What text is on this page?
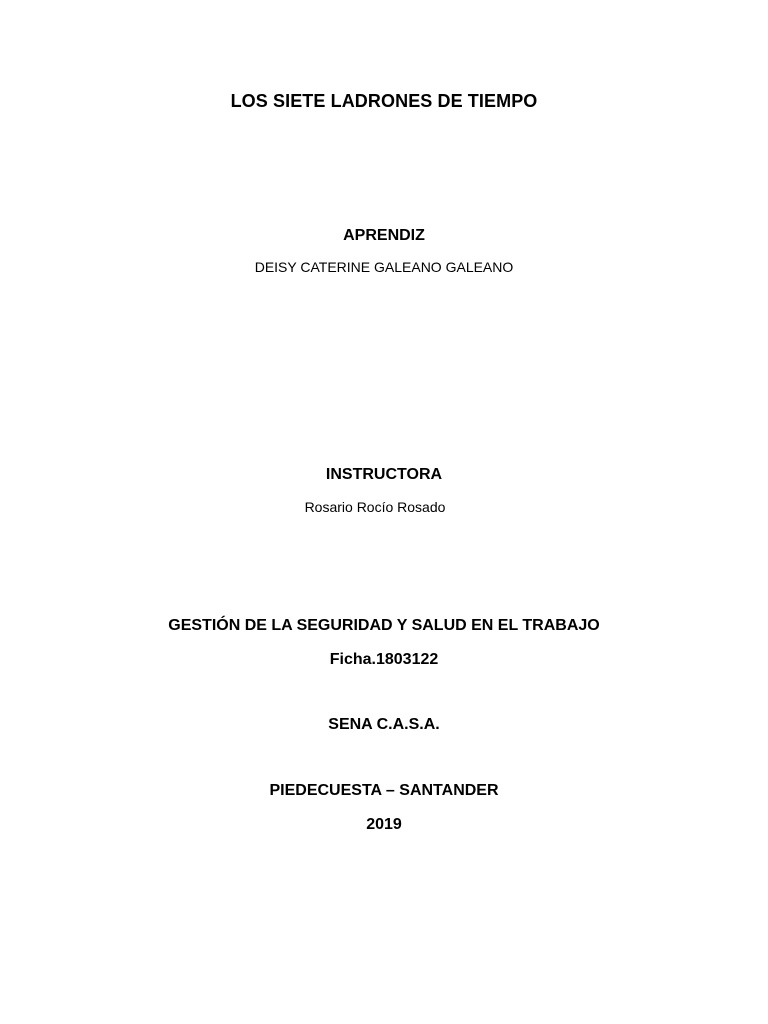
LOS SIETE LADRONES DE TIEMPO
APRENDIZ
DEISY CATERINE GALEANO GALEANO
INSTRUCTORA
Rosario Rocío Rosado
GESTIÓN DE LA SEGURIDAD Y SALUD EN EL TRABAJO
Ficha.1803122
SENA C.A.S.A.
PIEDECUESTA – SANTANDER
2019
